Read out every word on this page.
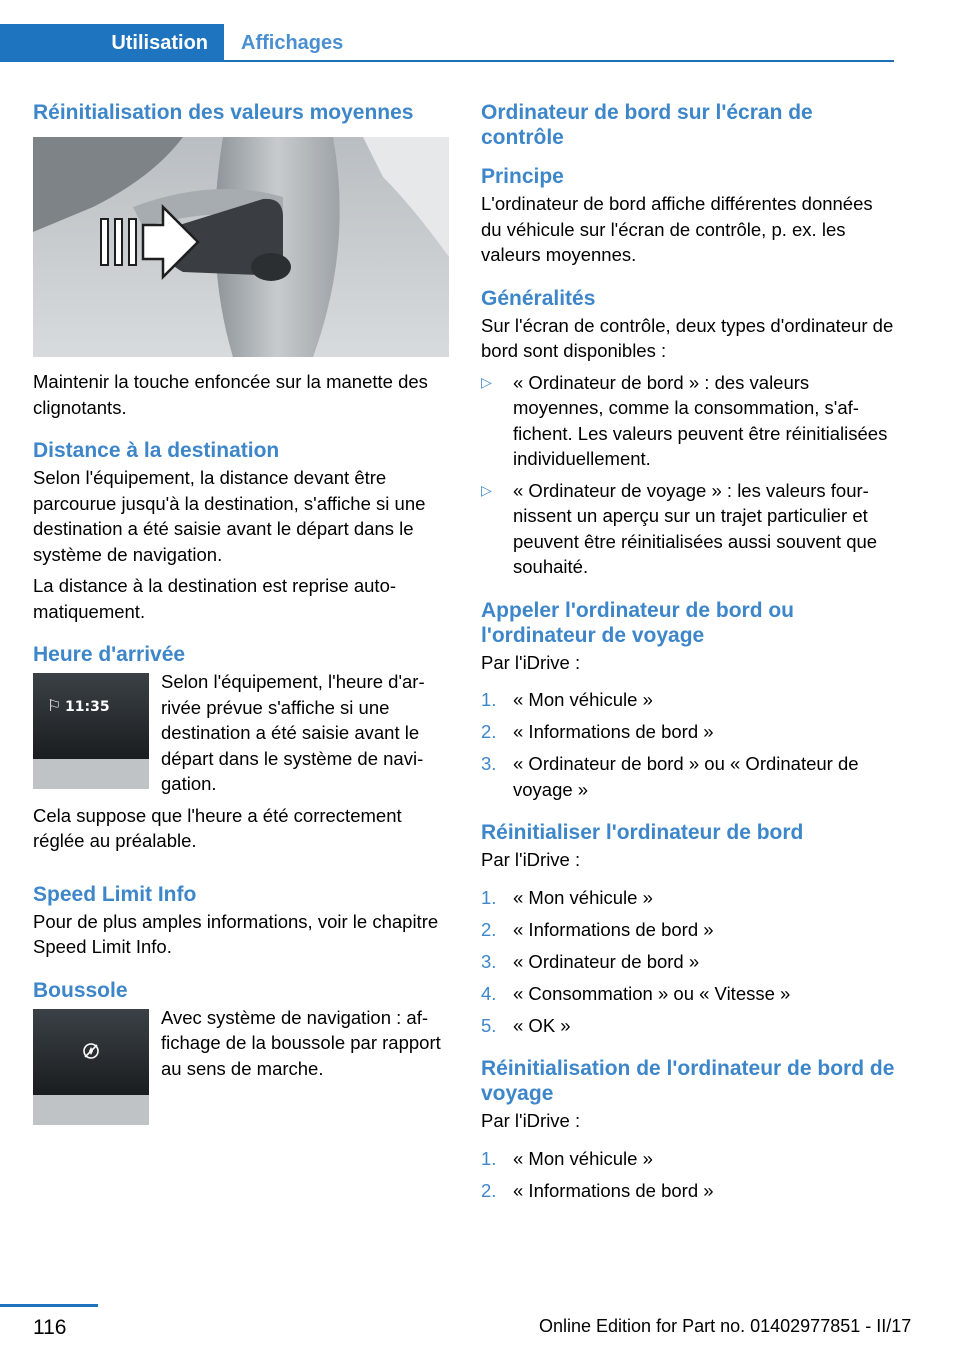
Utilisation	Affichages
Réinitialisation des valeurs moyennes

Maintenir la touche enfoncée sur la manette des clignotants.

Distance à la destination

Selon l'équipement, la distance devant être parcourue jusqu'à la destination, s'affiche si une destination a été saisie avant le départ dans le système de navigation.

La distance à la destination est reprise automatiquement.

Heure d'arrivée
⚐ 11:35

Selon l'équipement, l'heure d'arrivée prévue s'affiche si une destination a été saisie avant le départ dans le système de navigation.

Cela suppose que l'heure a été correctement réglée au préalable.

Speed Limit Info

Pour de plus amples informations, voir le chapitre Speed Limit Info.

Boussole

Avec système de navigation : affichage de la boussole par rapport au sens de marche.

Ordinateur de bord sur l'écran de contrôle
Principe

L'ordinateur de bord affiche différentes données du véhicule sur l'écran de contrôle, p. ex. les valeurs moyennes.

Généralités

Sur l'écran de contrôle, deux types d'ordinateur de bord sont disponibles :

▷ « Ordinateur de bord » : des valeurs moyennes, comme la consommation, s'affichent. Les valeurs peuvent être réinitialisées individuellement.
▷ « Ordinateur de voyage » : les valeurs fournissent un aperçu sur un trajet particulier et peuvent être réinitialisées aussi souvent que souhaité.
Appeler l'ordinateur de bord ou l'ordinateur de voyage

Par l'iDrive :

1. « Mon véhicule »
2. « Informations de bord »
3. « Ordinateur de bord » ou « Ordinateur de voyage »
Réinitialiser l'ordinateur de bord

Par l'iDrive :

1. « Mon véhicule »
2. « Informations de bord »
3. « Ordinateur de bord »
4. « Consommation » ou « Vitesse »
5. « OK »
Réinitialisation de l'ordinateur de bord de voyage

Par l'iDrive :

1. « Mon véhicule »
2. « Informations de bord »
116	Online Edition for Part no. 01402977851 - II/17
